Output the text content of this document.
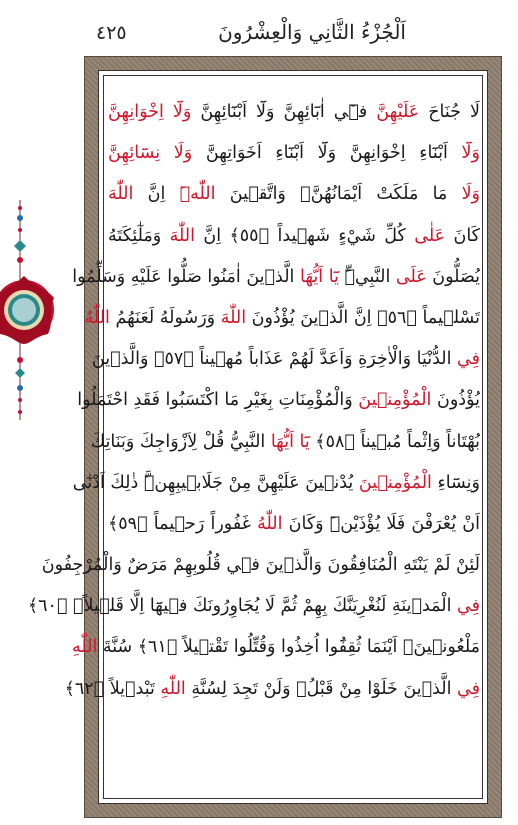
٤٢٥	اَلْجُزْءُ الثَّانِي وَالْعِشْرُونَ
لَا جُنَاحَ عَلَيْهِنَّ ف۪ٓي اٰبَٓائِهِنَّ وَلَٓا اَبْنَٓائِهِنَّ وَلَٓا اِخْوَانِهِنَّ
وَلَٓا اَبْنَٓاءِ اِخْوَانِهِنَّ وَلَٓا اَبْنَٓاءِ اَخَوَاتِهِنَّ وَلَا نِسَٓائِهِنَّ
وَلَا مَا مَلَكَتْ اَيْمَانُهُنَّۚ وَاتَّق۪ينَ اللّٰهَۜ اِنَّ اللّٰهَ
كَانَ عَلٰى كُلِّ شَيْءٍ شَه۪يداً ﴿٥٥﴾ اِنَّ اللّٰهَ وَمَلٰٓئِكَتَهُ
يُصَلُّونَ عَلَى النَّبِيِّۜ يَٓا اَيُّهَا الَّذ۪ينَ اٰمَنُوا صَلُّوا عَلَيْهِ وَسَلِّمُوا
تَسْل۪يماً ﴿٥٦﴾ اِنَّ الَّذ۪ينَ يُؤْذُونَ اللّٰهَ وَرَسُولَهُ لَعَنَهُمُ اللّٰهُ
فِي الدُّنْيَا وَالْاٰخِرَةِ وَاَعَدَّ لَهُمْ عَذَاباً مُه۪يناً ﴿٥٧﴾ وَالَّذ۪ينَ
يُؤْذُونَ الْمُؤْمِن۪ينَ وَالْمُؤْمِنَاتِ بِغَيْرِ مَا اكْتَسَبُوا فَقَدِ احْتَمَلُوا
بُهْتَاناً وَاِثْماً مُب۪يناً ﴿٥٨﴾ يَٓا اَيُّهَا النَّبِيُّ قُلْ لِاَزْوَاجِكَ وَبَنَاتِكَ
وَنِسَٓاءِ الْمُؤْمِن۪ينَ يُدْن۪ينَ عَلَيْهِنَّ مِنْ جَلَاب۪يبِهِنَّۜ ذٰلِكَ اَدْنٰٓى
اَنْ يُعْرَفْنَ فَلَا يُؤْذَيْنَۜ وَكَانَ اللّٰهُ غَفُوراً رَح۪يماً ﴿٥٩﴾
لَئِنْ لَمْ يَنْتَهِ الْمُنَافِقُونَ وَالَّذ۪ينَ ف۪ي قُلُوبِهِمْ مَرَضٌ وَالْمُرْجِفُونَ
فِي الْمَد۪ينَةِ لَنُغْرِيَنَّكَ بِهِمْ ثُمَّ لَا يُجَاوِرُونَكَ ف۪يهَٓا اِلَّا قَل۪يلاًۚ ﴿٦٠﴾
مَلْعُون۪ينَۚ اَيْنَمَا ثُقِفُٓوا اُخِذُوا وَقُتِّلُوا تَقْت۪يلاً ﴿٦١﴾ سُنَّةَ اللّٰهِ
فِي الَّذ۪ينَ خَلَوْا مِنْ قَبْلُۚ وَلَنْ تَجِدَ لِسُنَّةِ اللّٰهِ تَبْد۪يلاً ﴿٦٢﴾
